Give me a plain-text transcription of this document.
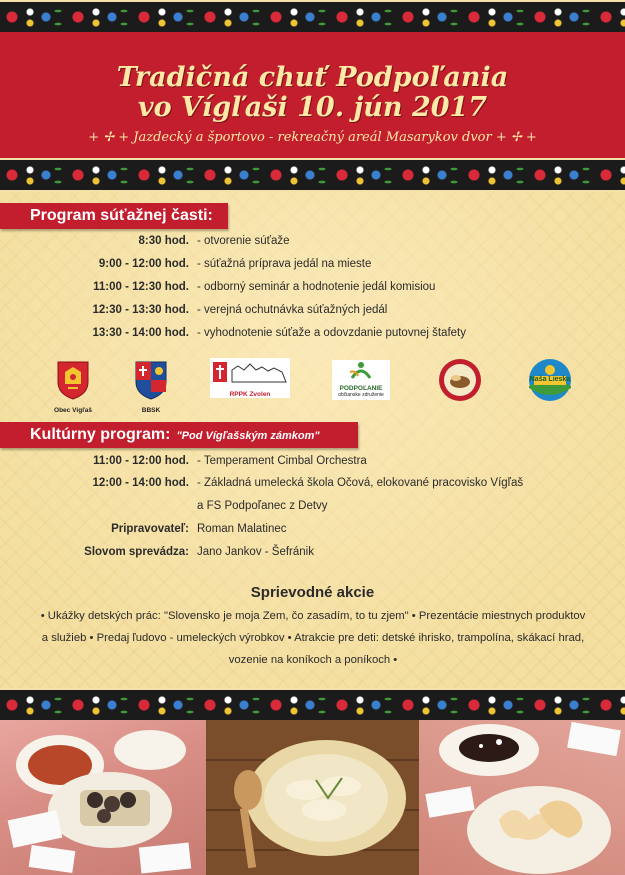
Tradičná chuť Podpoľania
vo Vígľaši 10. jún 2017
+ ✢ + Jazdecký a športovo - rekreačný areál Masarykov dvor + ✢ +
Program súťažnej časti:
8:30 hod. - otvorenie súťaže
9:00 - 12:00 hod. - súťažná príprava jedál na mieste
11:00 - 12:30 hod. - odborný seminár a hodnotenie jedál komisiou
12:30 - 13:30 hod. - verejná ochutnávka súťažných jedál
13:30 - 14:00 hod. - vyhodnotenie súťaže a odovzdanie putovnej štafety
Obec Vígľaš	BBSK
RPPK Zvolen
PODPOĽANIE
občianske združenie
Naša Lieska
Kultúrny program: "Pod Vígľašským zámkom"
11:00 - 12:00 hod. - Temperament Cimbal Orchestra
12:00 - 14:00 hod. - Základná umelecká škola Očová, elokované pracovisko Vígľaš
a FS Podpoľanec z Detvy
Pripravovateľ: Roman Malatinec
Slovom sprevádza: Jano Jankov - Šefránik
Sprievodné akcie
• Ukážky detských prác: "Slovensko je moja Zem, čo zasadím, to tu zjem" • Prezentácie miestnych produktov
a služieb • Predaj ľudovo - umeleckých výrobkov • Atrakcie pre deti: detské ihrisko, trampolína, skákací hrad,
vozenie na koníkoch a poníkoch •
